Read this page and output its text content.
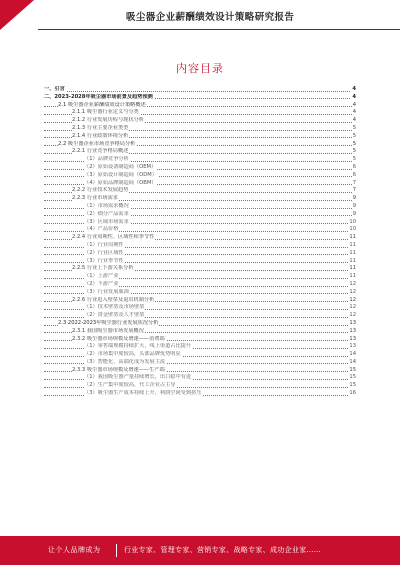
吸尘器企业薪酬绩效设计策略研究报告
内容目录
一、引言	4
二、2023-2028年吸尘器市场前景及趋势预测	4
2.1 吸尘器企业薪酬绩效设计策略概述	4
2.1.1 吸尘器行业定义与分类	4
2.1.2 行业发展历程与现状分析	4
2.1.3 行业主要企业类型	5
2.1.4 行业政策环境分析	5
2.2 吸尘器企业市场竞争格局分析	5
2.2.1 行业竞争格局概述	5
（1）品牌竞争分析	5
（2）原始设备制造商（OEM）	6
（3）原始设计制造商（ODM）	6
（4）原始品牌制造商（OBM）	7
2.2.2 行业技术发展趋势	7
2.2.3 行业市场需求	9
（1）市场需求概况	9
（2）细分产品需求	9
（3）区域市场需求	10
（4）产品价格	10
2.2.4 行业周期性、区域性和季节性	11
（1）行业周期性	11
（2）行业区域性	11
（3）行业季节性	11
2.2.5 行业上下游关系分析	11
（1）上游产业	11
（2）下游产业	12
（3）行业发展瓶颈	12
2.2.6 行业进入壁垒及退出机制分析	12
（1）技术壁垒及市场壁垒	12
（2）资金壁垒及人才壁垒	12
2.3 2022-2023年吸尘器行业发展状况分析	13
2.3.1 我国吸尘器市场发展概况	13
2.3.2 吸尘器市场规模及增速——消费端	13
（1）零售端规模持续扩大，线上渠道占比提升	13
（2）市场集中度较高，头部品牌优势明显	14
（3）智能化、高端化成为发展主流	14
2.3.3 吸尘器市场规模及增速——生产端	15
（1）我国吸尘器产量持续增长，出口稳中有进	15
（2）生产集中度较高，代工企业占主导	15
（3）吸尘器生产成本持续上升，利润空间受到挤压	16
让个人品牌成为	行业专家、管理专家、营销专家、战略专家、成功企业家……
